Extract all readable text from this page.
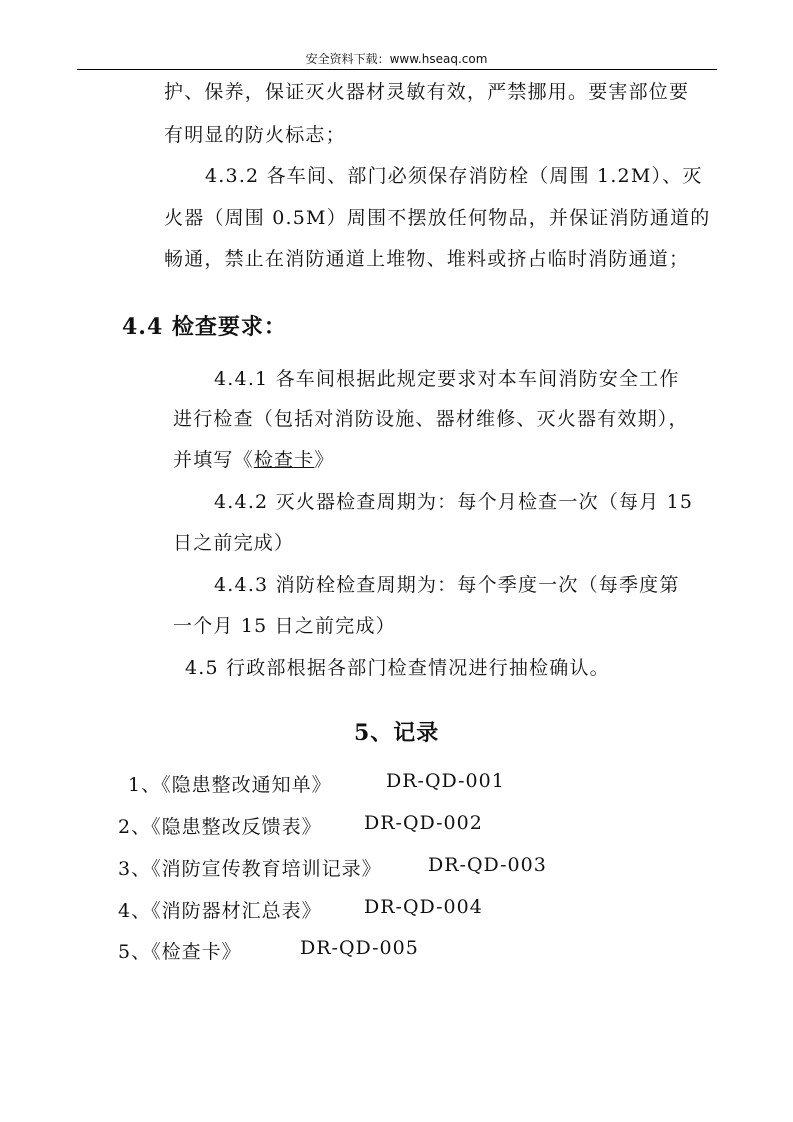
安全资料下载：www.hseaq.com
护、保养，保证灭火器材灵敏有效，严禁挪用。要害部位要
有明显的防火标志；
4.3.2 各车间、部门必须保存消防栓（周围 1.2M）、灭
火器（周围 0.5M）周围不摆放任何物品，并保证消防通道的
畅通，禁止在消防通道上堆物、堆料或挤占临时消防通道；
4.4 检查要求：
4.4.1 各车间根据此规定要求对本车间消防安全工作
进行检查（包括对消防设施、器材维修、灭火器有效期），
并填写《检查卡》
4.4.2 灭火器检查周期为：每个月检查一次（每月 15
日之前完成）
4.4.3 消防栓检查周期为：每个季度一次（每季度第
一个月 15 日之前完成）
4.5 行政部根据各部门检查情况进行抽检确认。
5、记录
1、《隐患整改通知单》	DR-QD-001
2、《隐患整改反馈表》 DR-QD-002
3、《消防宣传教育培训记录》 DR-QD-003
4、《消防器材汇总表》 DR-QD-004
5、《检查卡》	DR-QD-005
